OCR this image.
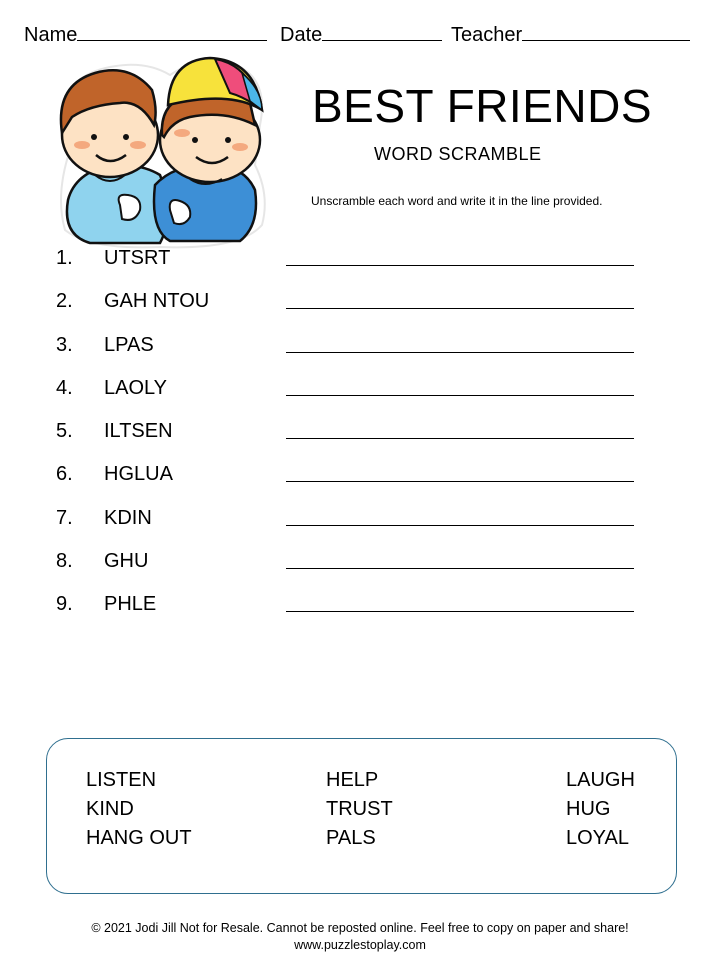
Name	Date	Teacher
BEST FRIENDS
WORD SCRAMBLE
Unscramble each word and write it in the line provided.
1. UTSRT
2. GAH NTOU
3. LPAS
4. LAOLY
5. ILTSEN
6. HGLUA
7. KDIN
8. GHU
9. PHLE
LISTEN
KIND
HANG OUT
HELP
TRUST
PALS
LAUGH
HUG
LOYAL
© 2021 Jodi Jill Not for Resale. Cannot be reposted online. Feel free to copy on paper and share!
www.puzzlestoplay.com
